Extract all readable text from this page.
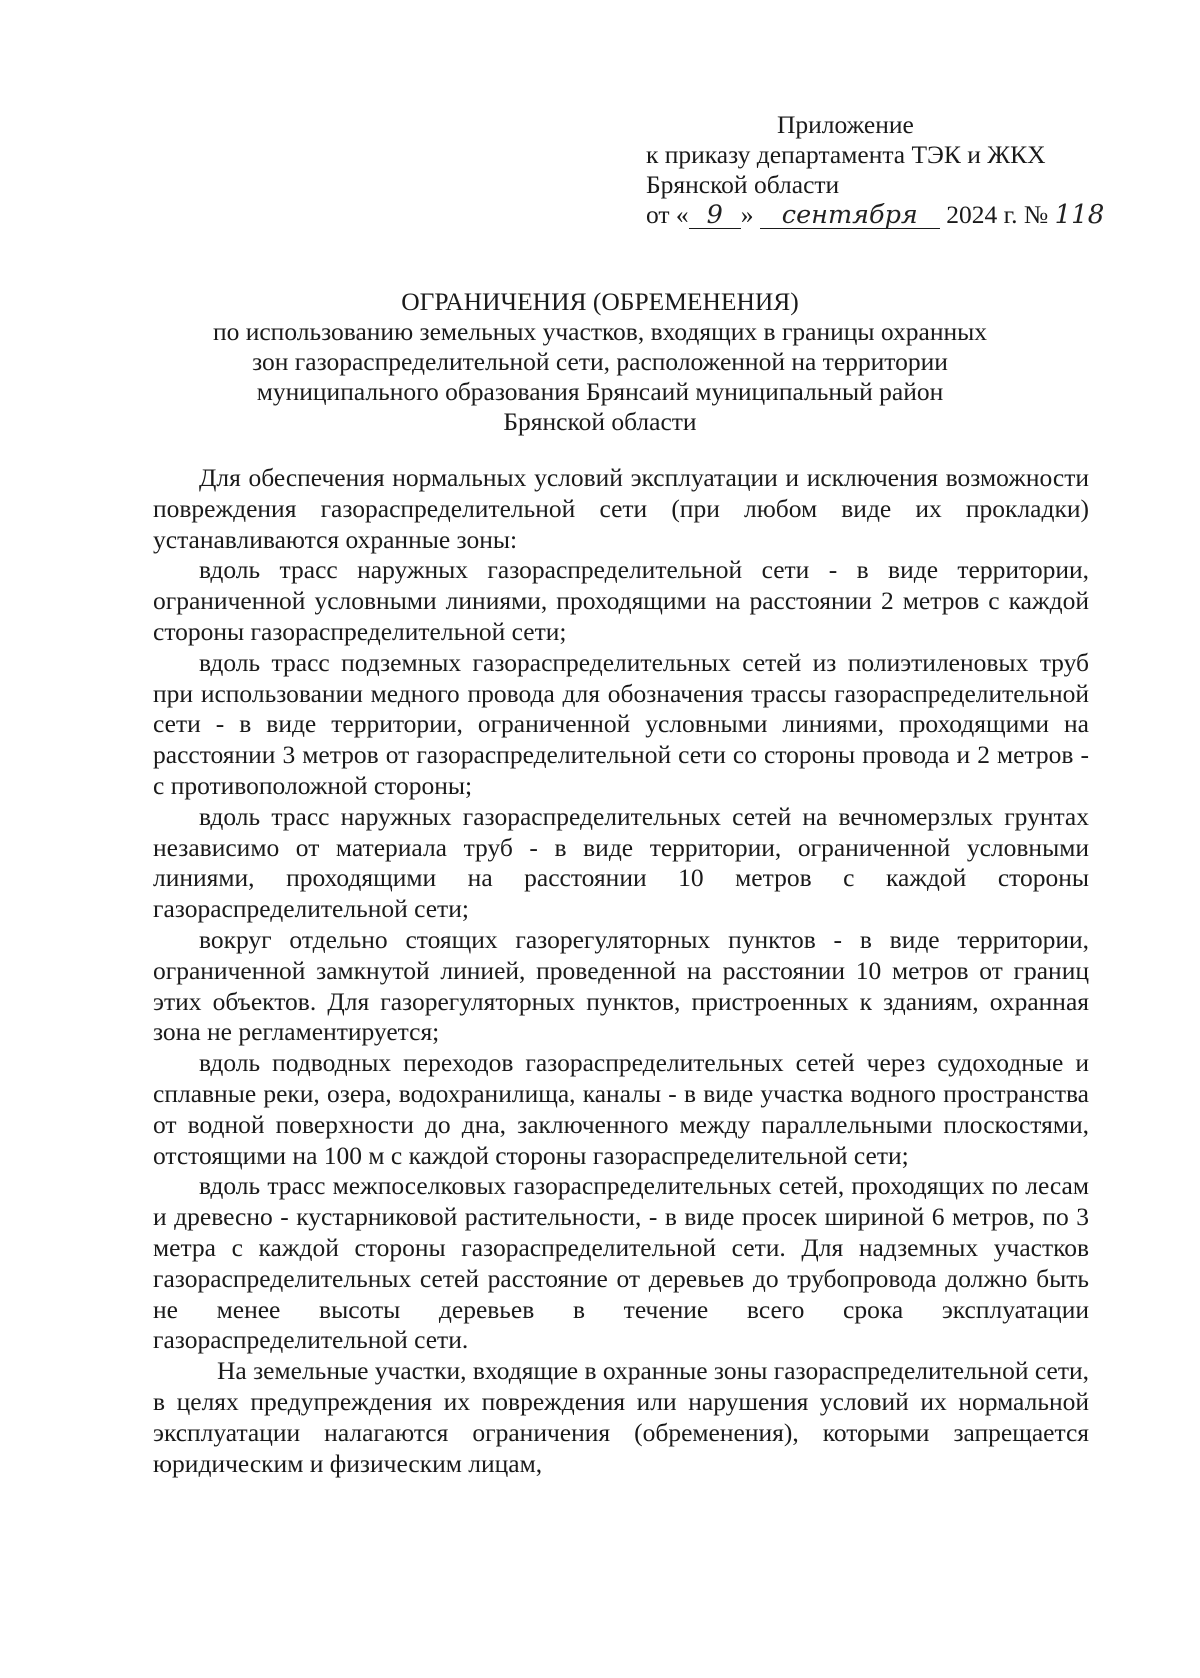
Приложение
к приказу департамента ТЭК и ЖКХ
Брянской области
от « 9 » сентября 2024 г. № 118
ОГРАНИЧЕНИЯ (ОБРЕМЕНЕНИЯ)
по использованию земельных участков, входящих в границы охранных
зон газораспределительной сети, расположенной на территории
муниципального образования Брянсаий муниципальный район
Брянской области

Для обеспечения нормальных условий эксплуатации и исключения возможности повреждения газораспределительной сети (при любом виде их прокладки) устанавливаются охранные зоны:

вдоль трасс наружных газораспределительной сети - в виде территории, ограниченной условными линиями, проходящими на расстоянии 2 метров с каждой стороны газораспределительной сети;

вдоль трасс подземных газораспределительных сетей из полиэтиленовых труб при использовании медного провода для обозначения трассы газораспределительной сети - в виде территории, ограниченной условными линиями, проходящими на расстоянии 3 метров от газораспределительной сети со стороны провода и 2 метров - с противоположной стороны;

вдоль трасс наружных газораспределительных сетей на вечномерзлых грунтах независимо от материала труб - в виде территории, ограниченной условными линиями, проходящими на расстоянии 10 метров с каждой стороны газораспределительной сети;

вокруг отдельно стоящих газорегуляторных пунктов - в виде территории, ограниченной замкнутой линией, проведенной на расстоянии 10 метров от границ этих объектов. Для газорегуляторных пунктов, пристроенных к зданиям, охранная зона не регламентируется;

вдоль подводных переходов газораспределительных сетей через судоходные и сплавные реки, озера, водохранилища, каналы - в виде участка водного пространства от водной поверхности до дна, заключенного между параллельными плоскостями, отстоящими на 100 м с каждой стороны газораспределительной сети;

вдоль трасс межпоселковых газораспределительных сетей, проходящих по лесам и древесно - кустарниковой растительности, - в виде просек шириной 6 метров, по 3 метра с каждой стороны газораспределительной сети. Для надземных участков газораспределительных сетей расстояние от деревьев до трубопровода должно быть не менее высоты деревьев в течение всего срока эксплуатации газораспределительной сети.

На земельные участки, входящие в охранные зоны газораспределительной сети, в целях предупреждения их повреждения или нарушения условий их нормальной эксплуатации налагаются ограничения (обременения), которыми запрещается юридическим и физическим лицам,
